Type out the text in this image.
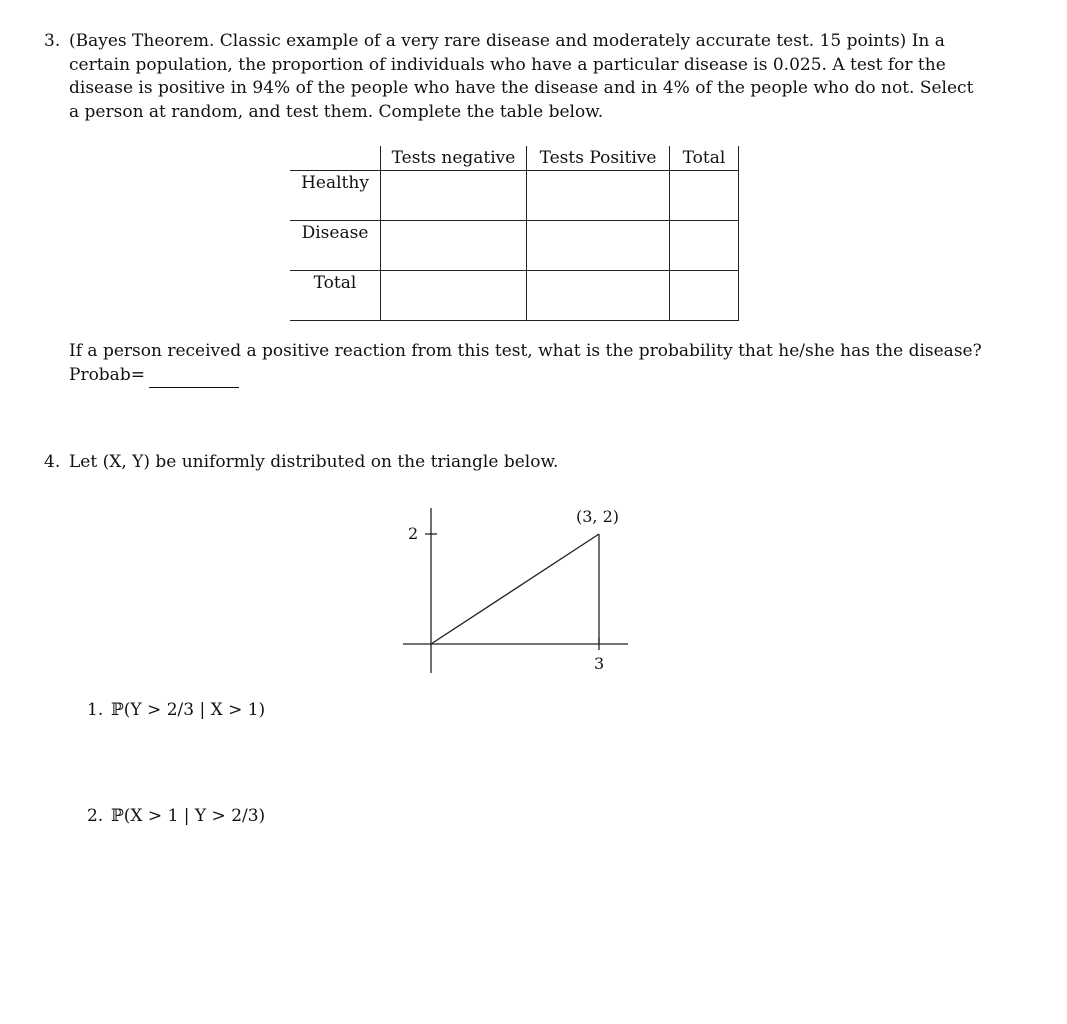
3. (Bayes Theorem. Classic example of a very rare disease and moderately accurate test. 15 points) In a
certain population, the proportion of individuals who have a particular disease is 0.025. A test for the
disease is positive in 94% of the people who have the disease and in 4% of the people who do not. Select
a person at random, and test them. Complete the table below.
	Tests negative	Tests Positive	Total
Healthy			
Disease			
Total			
If a person received a positive reaction from this test, what is the probability that he/she has the disease?
Probab=
4. Let (X, Y) be uniformly distributed on the triangle below.
2
3
(3, 2)
1. ℙ(Y > 2/3 | X > 1)
2. ℙ(X > 1 | Y > 2/3)
